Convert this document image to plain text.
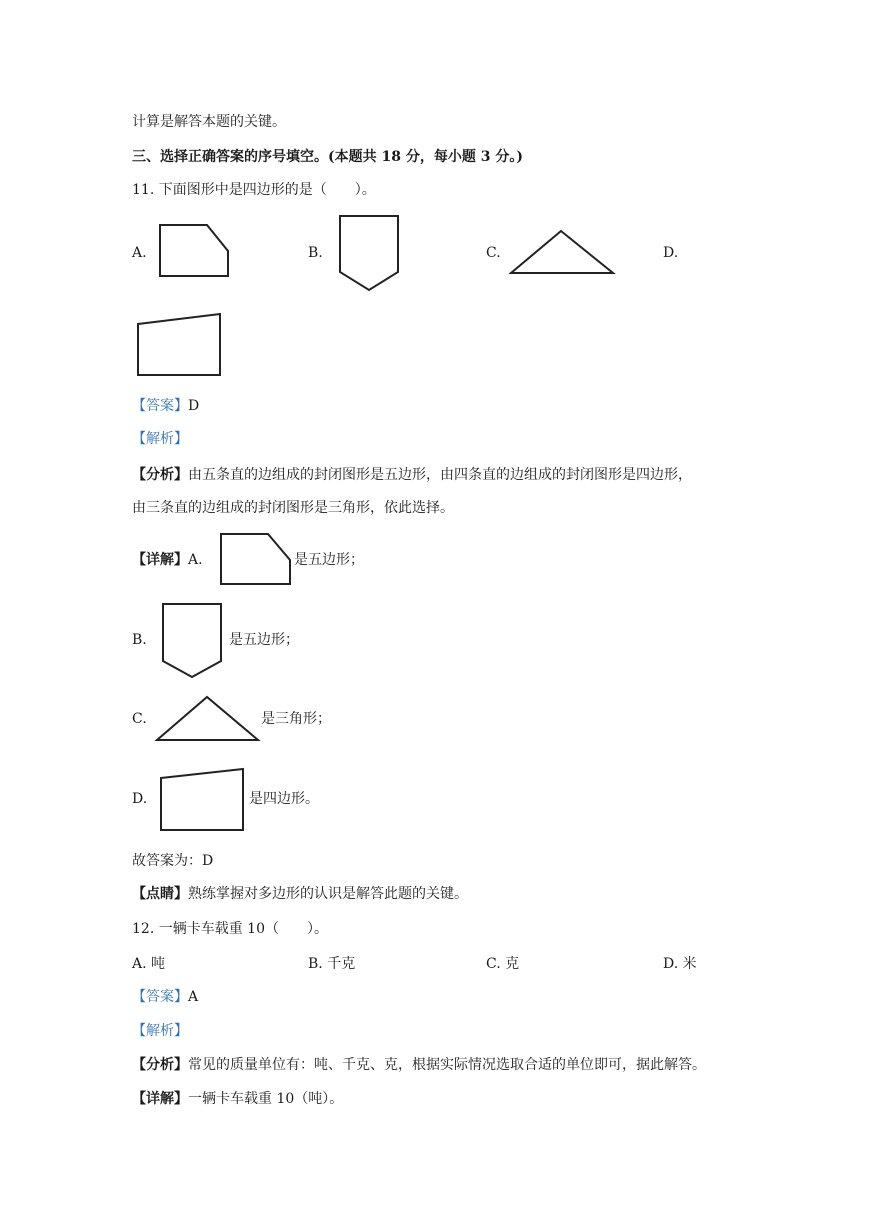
计算是解答本题的关键。
三、选择正确答案的序号填空。(本题共 18 分，每小题 3 分。)
11. 下面图形中是四边形的是（　　）。
A.	B.	C.	D.
【答案】D
【解析】
【分析】由五条直的边组成的封闭图形是五边形，由四条直的边组成的封闭图形是四边形，
由三条直的边组成的封闭图形是三角形，依此选择。
【详解】A.	是五边形；
B.	是五边形；
C.	是三角形；
D.	是四边形。
故答案为：D
【点睛】熟练掌握对多边形的认识是解答此题的关键。
12. 一辆卡车载重 10（　　）。
A. 吨	B. 千克	C. 克	D. 米
【答案】A
【解析】
【分析】常见的质量单位有：吨、千克、克，根据实际情况选取合适的单位即可，据此解答。
【详解】一辆卡车载重 10（吨）。
